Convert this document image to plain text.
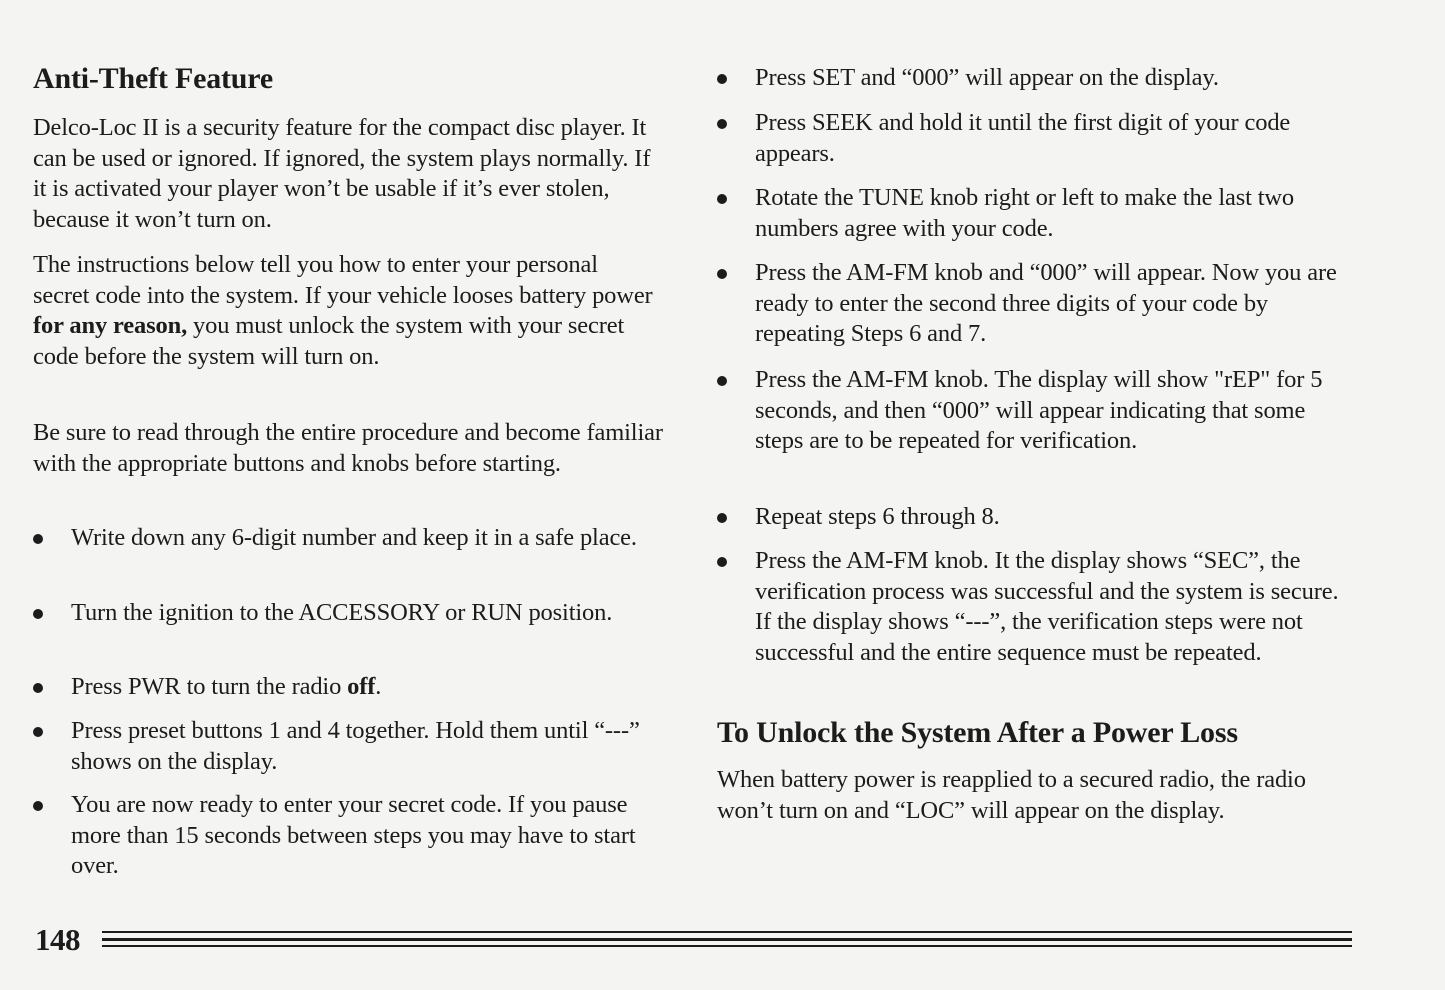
Anti-Theft Feature

Delco-Loc II is a security feature for the compact disc player. It can be used or ignored. If ignored, the system plays normally. If it is activated your player won’t be usable if it’s ever stolen, because it won’t turn on.

The instructions below tell you how to enter your personal secret code into the system. If your vehicle looses battery power for any reason, you must unlock the system with your secret code before the system will turn on.

Be sure to read through the entire procedure and become familiar with the appropriate buttons and knobs before starting.

Write down any 6-digit number and keep it in a safe place.
Turn the ignition to the ACCESSORY or RUN position.
Press PWR to turn the radio off.
Press preset buttons 1 and 4 together. Hold them until “---” shows on the display.
You are now ready to enter your secret code. If you pause more than 15 seconds between steps you may have to start over.
Press SET and “000” will appear on the display.
Press SEEK and hold it until the first digit of your code appears.
Rotate the TUNE knob right or left to make the last two numbers agree with your code.
Press the AM-FM knob and “000” will appear. Now you are ready to enter the second three digits of your code by repeating Steps 6 and 7.
Press the AM-FM knob. The display will show "rEP" for 5 seconds, and then “000” will appear indicating that some steps are to be repeated for verification.
Repeat steps 6 through 8.
Press the AM-FM knob. It the display shows “SEC”, the verification process was successful and the system is secure. If the display shows “---”, the verification steps were not successful and the entire sequence must be repeated.
To Unlock the System After a Power Loss

When battery power is reapplied to a secured radio, the radio won’t turn on and “LOC” will appear on the display.

148
